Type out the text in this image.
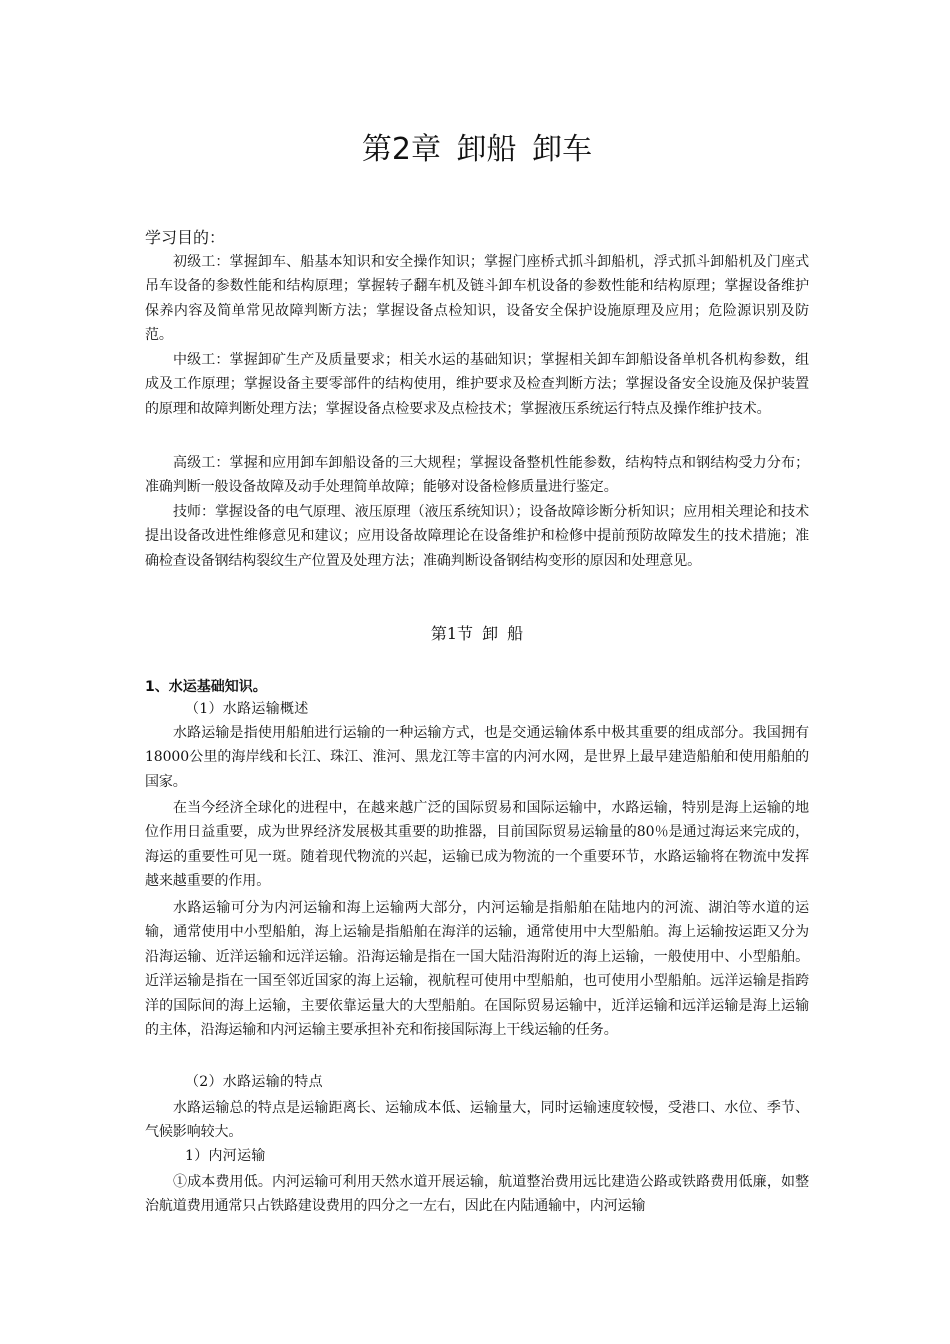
第2章 卸船 卸车

学习目的：

初级工：掌握卸车、船基本知识和安全操作知识；掌握门座桥式抓斗卸船机，浮式抓斗卸船机及门座式吊车设备的参数性能和结构原理；掌握转子翻车机及链斗卸车机设备的参数性能和结构原理；掌握设备维护保养内容及简单常见故障判断方法；掌握设备点检知识，设备安全保护设施原理及应用；危险源识别及防范。

中级工：掌握卸矿生产及质量要求；相关水运的基础知识；掌握相关卸车卸船设备单机各机构参数，组成及工作原理；掌握设备主要零部件的结构使用，维护要求及检查判断方法；掌握设备安全设施及保护装置的原理和故障判断处理方法；掌握设备点检要求及点检技术；掌握液压系统运行特点及操作维护技术。

高级工：掌握和应用卸车卸船设备的三大规程；掌握设备整机性能参数，结构特点和钢结构受力分布；准确判断一般设备故障及动手处理简单故障；能够对设备检修质量进行鉴定。

技师：掌握设备的电气原理、液压原理（液压系统知识）；设备故障诊断分析知识；应用相关理论和技术提出设备改进性维修意见和建议；应用设备故障理论在设备维护和检修中提前预防故障发生的技术措施；准确检查设备钢结构裂纹生产位置及处理方法；准确判断设备钢结构变形的原因和处理意见。

第1节 卸 船

1、水运基础知识。

（1）水路运输概述

水路运输是指使用船舶进行运输的一种运输方式，也是交通运输体系中极其重要的组成部分。我国拥有18000公里的海岸线和长江、珠江、淮河、黑龙江等丰富的内河水网，是世界上最早建造船舶和使用船舶的国家。

在当今经济全球化的进程中，在越来越广泛的国际贸易和国际运输中，水路运输，特别是海上运输的地位作用日益重要，成为世界经济发展极其重要的助推器，目前国际贸易运输量的80％是通过海运来完成的，海运的重要性可见一斑。随着现代物流的兴起，运输已成为物流的一个重要环节，水路运输将在物流中发挥越来越重要的作用。

水路运输可分为内河运输和海上运输两大部分，内河运输是指船舶在陆地内的河流、湖泊等水道的运输，通常使用中小型船舶，海上运输是指船舶在海洋的运输，通常使用中大型船舶。海上运输按运距又分为沿海运输、近洋运输和远洋运输。沿海运输是指在一国大陆沿海附近的海上运输，一般使用中、小型船舶。近洋运输是指在一国至邻近国家的海上运输，视航程可使用中型船舶，也可使用小型船舶。远洋运输是指跨洋的国际间的海上运输，主要依靠运量大的大型船舶。在国际贸易运输中，近洋运输和远洋运输是海上运输的主体，沿海运输和内河运输主要承担补充和衔接国际海上干线运输的任务。

（2）水路运输的特点

水路运输总的特点是运输距离长、运输成本低、运输量大，同时运输速度较慢，受港口、水位、季节、气候影响较大。

1）内河运输

①成本费用低。内河运输可利用天然水道开展运输，航道整治费用远比建造公路或铁路费用低廉，如整治航道费用通常只占铁路建设费用的四分之一左右，因此在内陆通输中，内河运输
